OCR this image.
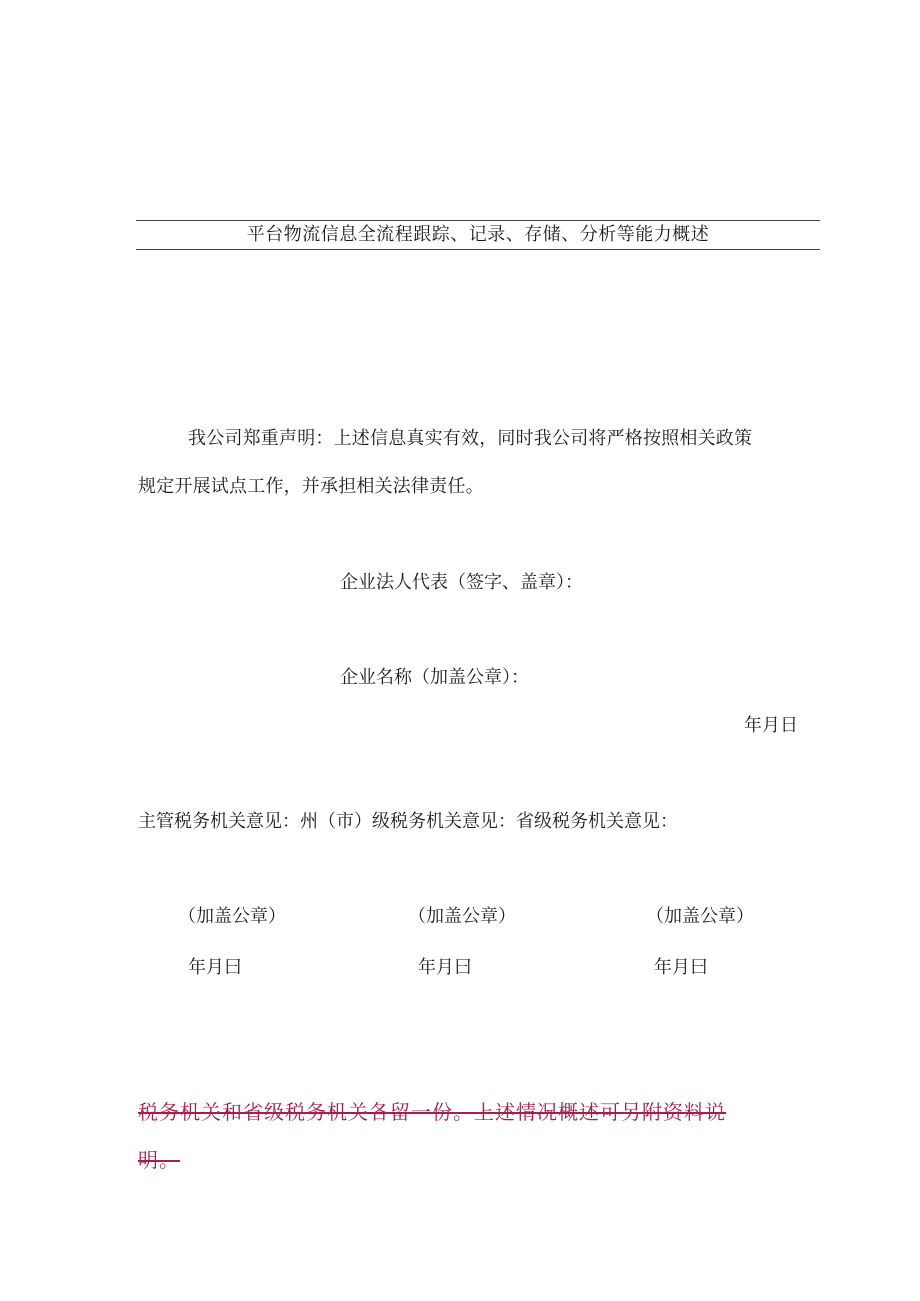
平台物流信息全流程跟踪、记录、存储、分析等能力概述
我公司郑重声明：上述信息真实有效，同时我公司将严格按照相关政策
规定开展试点工作，并承担相关法律责任。
企业法人代表（签字、盖章）：
企业名称（加盖公章）：
年月日
主管税务机关意见：州（市）级税务机关意见：省级税务机关意见：
（加盖公章）	（加盖公章）	（加盖公章）
年月曰	年月曰	年月曰
税务机关和省级税务机关各留一份。上述情况概述可另附资料说
明。
